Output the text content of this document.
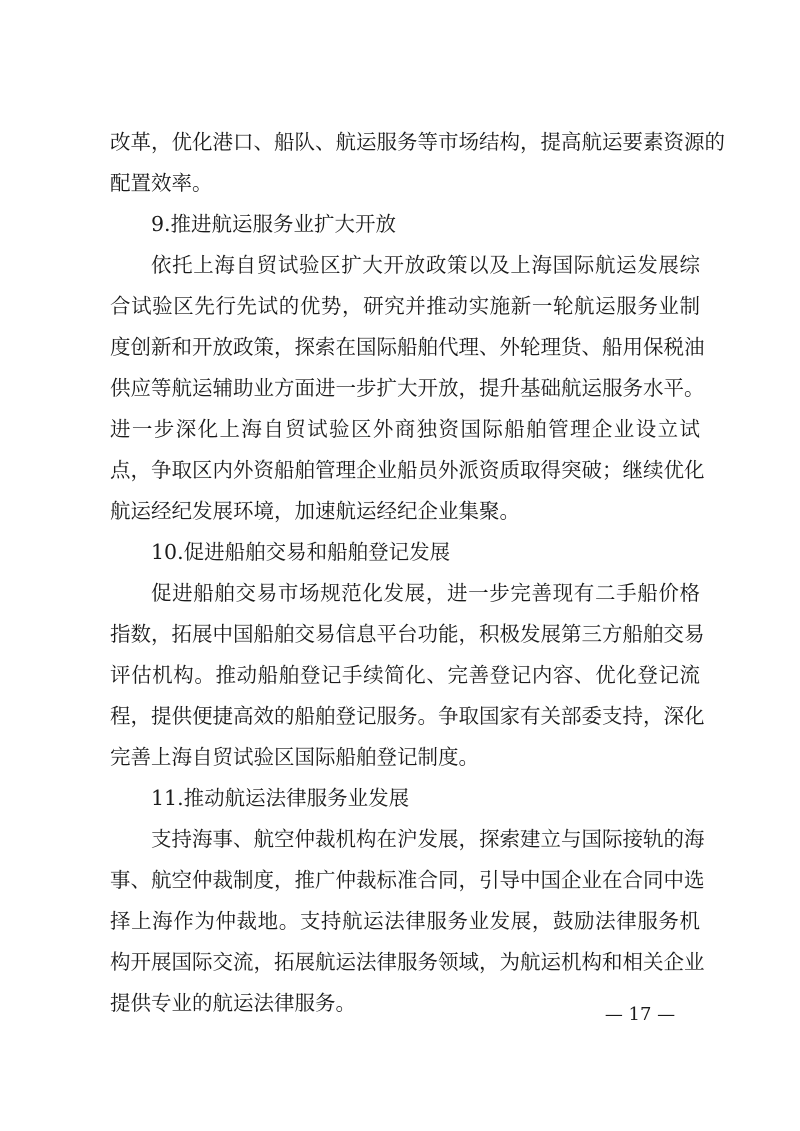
改革，优化港口、船队、航运服务等市场结构，提高航运要素资源的
配置效率。
9.推进航运服务业扩大开放
依托上海自贸试验区扩大开放政策以及上海国际航运发展综
合试验区先行先试的优势，研究并推动实施新一轮航运服务业制
度创新和开放政策，探索在国际船舶代理、外轮理货、船用保税油
供应等航运辅助业方面进一步扩大开放，提升基础航运服务水平。
进一步深化上海自贸试验区外商独资国际船舶管理企业设立试
点，争取区内外资船舶管理企业船员外派资质取得突破；继续优化
航运经纪发展环境，加速航运经纪企业集聚。
10.促进船舶交易和船舶登记发展
促进船舶交易市场规范化发展，进一步完善现有二手船价格
指数，拓展中国船舶交易信息平台功能，积极发展第三方船舶交易
评估机构。推动船舶登记手续简化、完善登记内容、优化登记流
程，提供便捷高效的船舶登记服务。争取国家有关部委支持，深化
完善上海自贸试验区国际船舶登记制度。
11.推动航运法律服务业发展
支持海事、航空仲裁机构在沪发展，探索建立与国际接轨的海
事、航空仲裁制度，推广仲裁标准合同，引导中国企业在合同中选
择上海作为仲裁地。支持航运法律服务业发展，鼓励法律服务机
构开展国际交流，拓展航运法律服务领域，为航运机构和相关企业
提供专业的航运法律服务。	— 17 —
